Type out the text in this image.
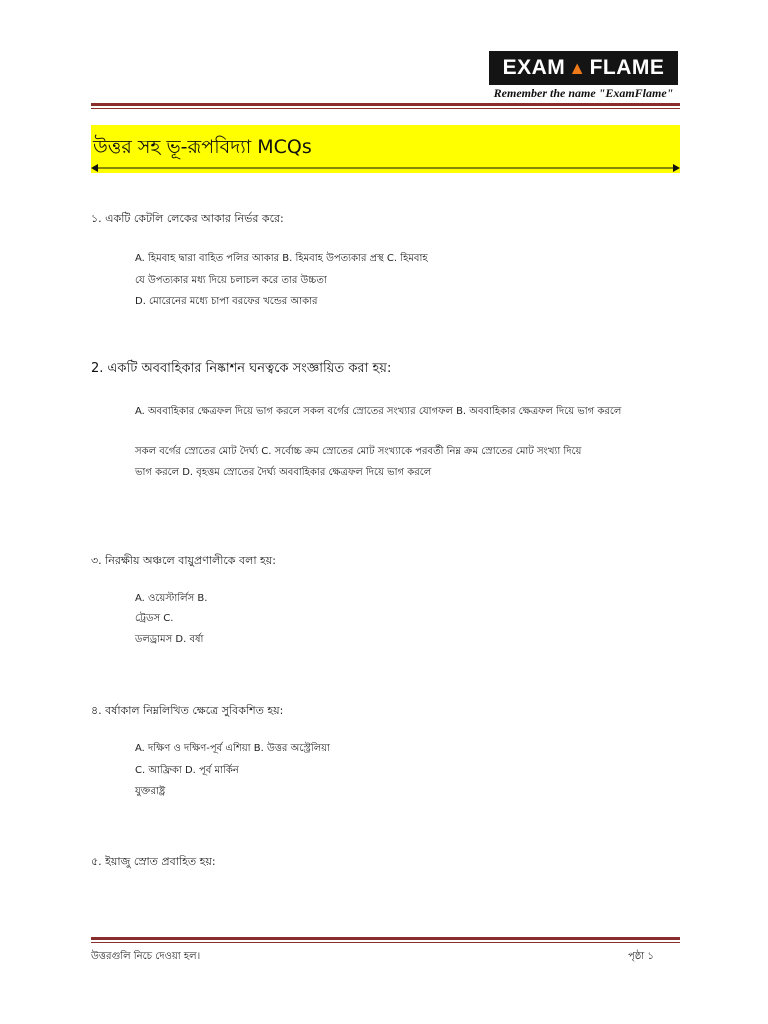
EXAM ▲ FLAME
Remember the name "ExamFlame"
উত্তর সহ ভূ-রূপবিদ্যা MCQs
১. একটি কেটলি লেকের আকার নির্ভর করে:
A. হিমবাহ দ্বারা বাহিত পলির আকার B. হিমবাহ উপত্যকার প্রস্থ C. হিমবাহ
যে উপত্যকার মধ্য দিয়ে চলাচল করে তার উচ্চতা
D. মোরেনের মধ্যে চাপা বরফের খন্ডের আকার
2. একটি অববাহিকার নিষ্কাশন ঘনত্বকে সংজ্ঞায়িত করা হয়:
A. অববাহিকার ক্ষেত্রফল দিয়ে ভাগ করলে সকল বর্গের স্রোতের সংখ্যার যোগফল B. অববাহিকার ক্ষেত্রফল দিয়ে ভাগ করলে
সকল বর্গের স্রোতের মোট দৈর্ঘ্য C. সর্বোচ্চ ক্রম স্রোতের মোট সংখ্যাকে পরবর্তী নিম্ন ক্রম স্রোতের মোট সংখ্যা দিয়ে
ভাগ করলে D. বৃহত্তম স্রোতের দৈর্ঘ্য অববাহিকার ক্ষেত্রফল দিয়ে ভাগ করলে
৩. নিরক্ষীয় অঞ্চলে বায়ুপ্রণালীকে বলা হয়:
A. ওয়েস্টার্লিস B.
ট্রেডস C.
ডলড্রামস D. বর্ষা
৪. বর্ষাকাল নিম্নলিখিত ক্ষেত্রে সুবিকশিত হয়:
A. দক্ষিণ ও দক্ষিণ-পূর্ব এশিয়া B. উত্তর অস্ট্রেলিয়া
C. আফ্রিকা D. পূর্ব মার্কিন
যুক্তরাষ্ট্র
৫. ইয়াজু স্রোত প্রবাহিত হয়:
উত্তরগুলি নিচে দেওয়া হল।	পৃষ্ঠা ১
